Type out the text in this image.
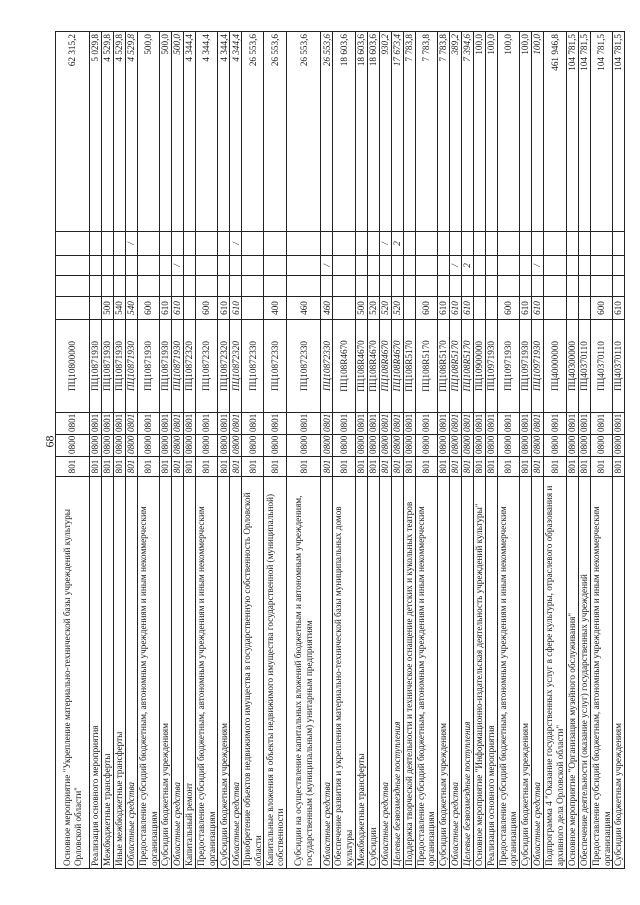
68
Основное мероприятие "Укрепление материально-технической базы учреждений культуры Орловской области"	801	0800	0801	ПЦ10800000					62 315,2
Реализация основного мероприятия	801	0800	0801	ПЦ10871930					5 029,8
Межбюджетные трансферты	801	0800	0801	ПЦ10871930	500				4 529,8
Иные межбюджетные трансферты	801	0800	0801	ПЦ10871930	540				4 529,8
Областные средства	801	0800	0801	ПЦ10871930	540			/	4 529,8
Предоставление субсидий бюджетным, автономным учреждениям и иным некоммерческим организациям	801	0800	0801	ПЦ10871930	600				500,0
Субсидии бюджетным учреждениям	801	0800	0801	ПЦ10871930	610				500,0
Областные средства	801	0800	0801	ПЦ10871930	610		/		500,0
Капитальный ремонт	801	0800	0801	ПЦ10872320					4 344,4
Предоставление субсидий бюджетным, автономным учреждениям и иным некоммерческим организациям	801	0800	0801	ПЦ10872320	600				4 344,4
Субсидии бюджетным учреждениям	801	0800	0801	ПЦ10872320	610				4 344,4
Областные средства	801	0800	0801	ПЦ10872320	610			/	4 344,4
Приобретение объектов недвижимого имущества в государственную собственность Орловской области	801	0800	0801	ПЦ10872330					26 553,6
Капитальные вложения в объекты недвижимого имущества государственной (муниципальной) собственности	801	0800	0801	ПЦ10872330	400				26 553,6
Субсидии на осуществление капитальных вложений бюджетным и автономным учреждениям, государственным (муниципальным) унитарным предприятиям	801	0800	0801	ПЦ10872330	460				26 553,6
Областные средства	801	0800	0801	ПЦ10872330	460		/		26 553,6
Обеспечение развития и укрепления материально-технической базы муниципальных домов культуры	801	0800	0801	ПЦ108R4670					18 603,6
Межбюджетные трансферты	801	0800	0801	ПЦ108R4670	500				18 603,6
Субсидии	801	0800	0801	ПЦ108R4670	520				18 603,6
Областные средства	801	0800	0801	ПЦ108R4670	520			/	930,2
Целевые безвозмездные поступления	801	0800	0801	ПЦ108R4670	520			2	17 673,4
Поддержка творческой деятельности и техническое оснащение детских и кукольных театров	801	0800	0801	ПЦ108R5170					7 783,8
Предоставление субсидий бюджетным, автономным учреждениям и иным некоммерческим организациям	801	0800	0801	ПЦ108R5170	600				7 783,8
Субсидии бюджетным учреждениям	801	0800	0801	ПЦ108R5170	610				7 783,8
Областные средства	801	0800	0801	ПЦ108R5170	610		/		389,2
Целевые безвозмездные поступления	801	0800	0801	ПЦ108R5170	610		2		7 394,6
Основное мероприятие "Информационно-издательская деятельность учреждений культуры"	801	0800	0801	ПЦ10900000					100,0
Реализация основного мероприятия	801	0800	0801	ПЦ10971930					100,0
Предоставление субсидий бюджетным, автономным учреждениям и иным некоммерческим организациям	801	0800	0801	ПЦ10971930	600				100,0
Субсидии бюджетным учреждениям	801	0800	0801	ПЦ10971930	610				100,0
Областные средства	801	0800	0801	ПЦ10971930	610		/		100,0
Подпрограмма 4 "Оказание государственных услуг в сфере культуры, отраслевого образования и архивного дела Орловской области"	801	0800	0801	ПЦ40000000					461 946,8
Основное мероприятие "Организация музейного обслуживания"	801	0800	0801	ПЦ40300000					104 781,5
Обеспечение деятельности (оказание услуг) государственных учреждений	801	0800	0801	ПЦ40370110					104 781,5
Предоставление субсидий бюджетным, автономным учреждениям и иным некоммерческим организациям	801	0800	0801	ПЦ40370110	600				104 781,5
Субсидии бюджетным учреждениям	801	0800	0801	ПЦ40370110	610				104 781,5
